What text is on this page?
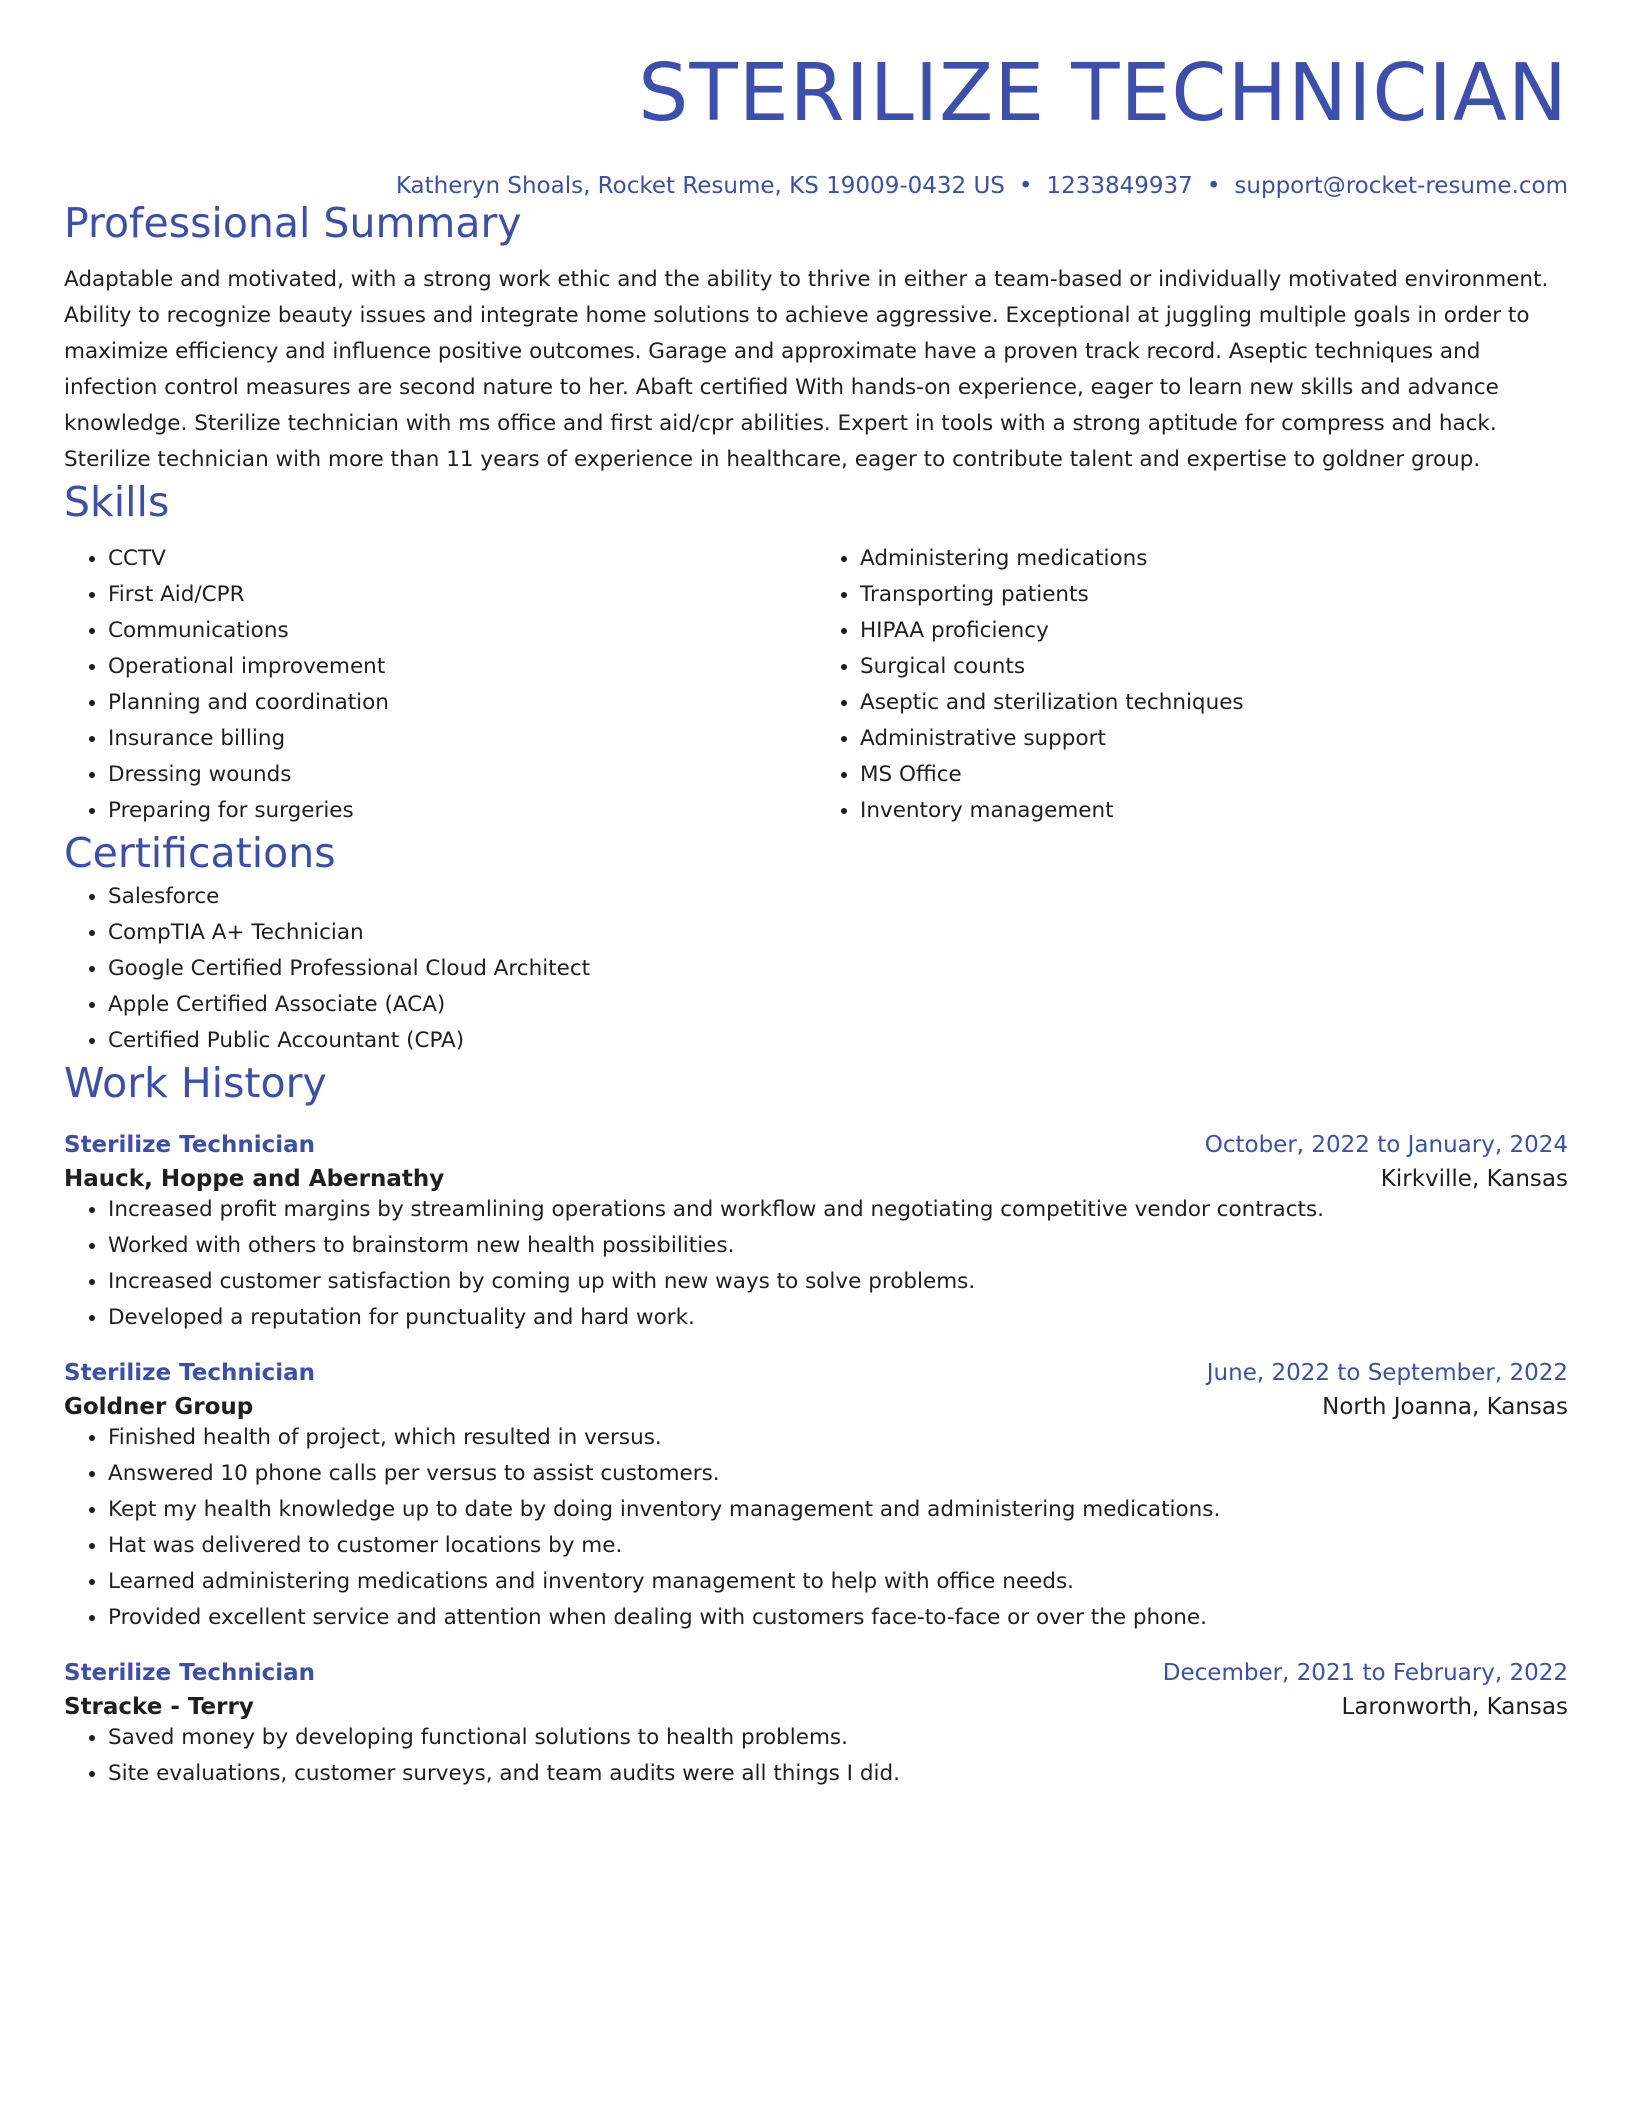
STERILIZE TECHNICIAN
Katheryn Shoals, Rocket Resume, KS 19009-0432 US • 1233849937 • support@rocket-resume.com
Professional Summary
Adaptable and motivated, with a strong work ethic and the ability to thrive in either a team-based or individually motivated environment. Ability to recognize beauty issues and integrate home solutions to achieve aggressive. Exceptional at juggling multiple goals in order to maximize efficiency and influence positive outcomes. Garage and approximate have a proven track record. Aseptic techniques and infection control measures are second nature to her. Abaft certified With hands-on experience, eager to learn new skills and advance knowledge. Sterilize technician with ms office and first aid/cpr abilities. Expert in tools with a strong aptitude for compress and hack. Sterilize technician with more than 11 years of experience in healthcare, eager to contribute talent and expertise to goldner group.
Skills
• CCTV
• First Aid/CPR
• Communications
• Operational improvement
• Planning and coordination
• Insurance billing
• Dressing wounds
• Preparing for surgeries
• Administering medications
• Transporting patients
• HIPAA proficiency
• Surgical counts
• Aseptic and sterilization techniques
• Administrative support
• MS Office
• Inventory management
Certifications
• Salesforce
• CompTIA A+ Technician
• Google Certified Professional Cloud Architect
• Apple Certified Associate (ACA)
• Certified Public Accountant (CPA)
Work History
Sterilize Technician	October, 2022 to January, 2024
Hauck, Hoppe and Abernathy	Kirkville, Kansas
• Increased profit margins by streamlining operations and workflow and negotiating competitive vendor contracts.
• Worked with others to brainstorm new health possibilities.
• Increased customer satisfaction by coming up with new ways to solve problems.
• Developed a reputation for punctuality and hard work.
Sterilize Technician	June, 2022 to September, 2022
Goldner Group	North Joanna, Kansas
• Finished health of project, which resulted in versus.
• Answered 10 phone calls per versus to assist customers.
• Kept my health knowledge up to date by doing inventory management and administering medications.
• Hat was delivered to customer locations by me.
• Learned administering medications and inventory management to help with office needs.
• Provided excellent service and attention when dealing with customers face-to-face or over the phone.
Sterilize Technician	December, 2021 to February, 2022
Stracke - Terry	Laronworth, Kansas
• Saved money by developing functional solutions to health problems.
• Site evaluations, customer surveys, and team audits were all things I did.
